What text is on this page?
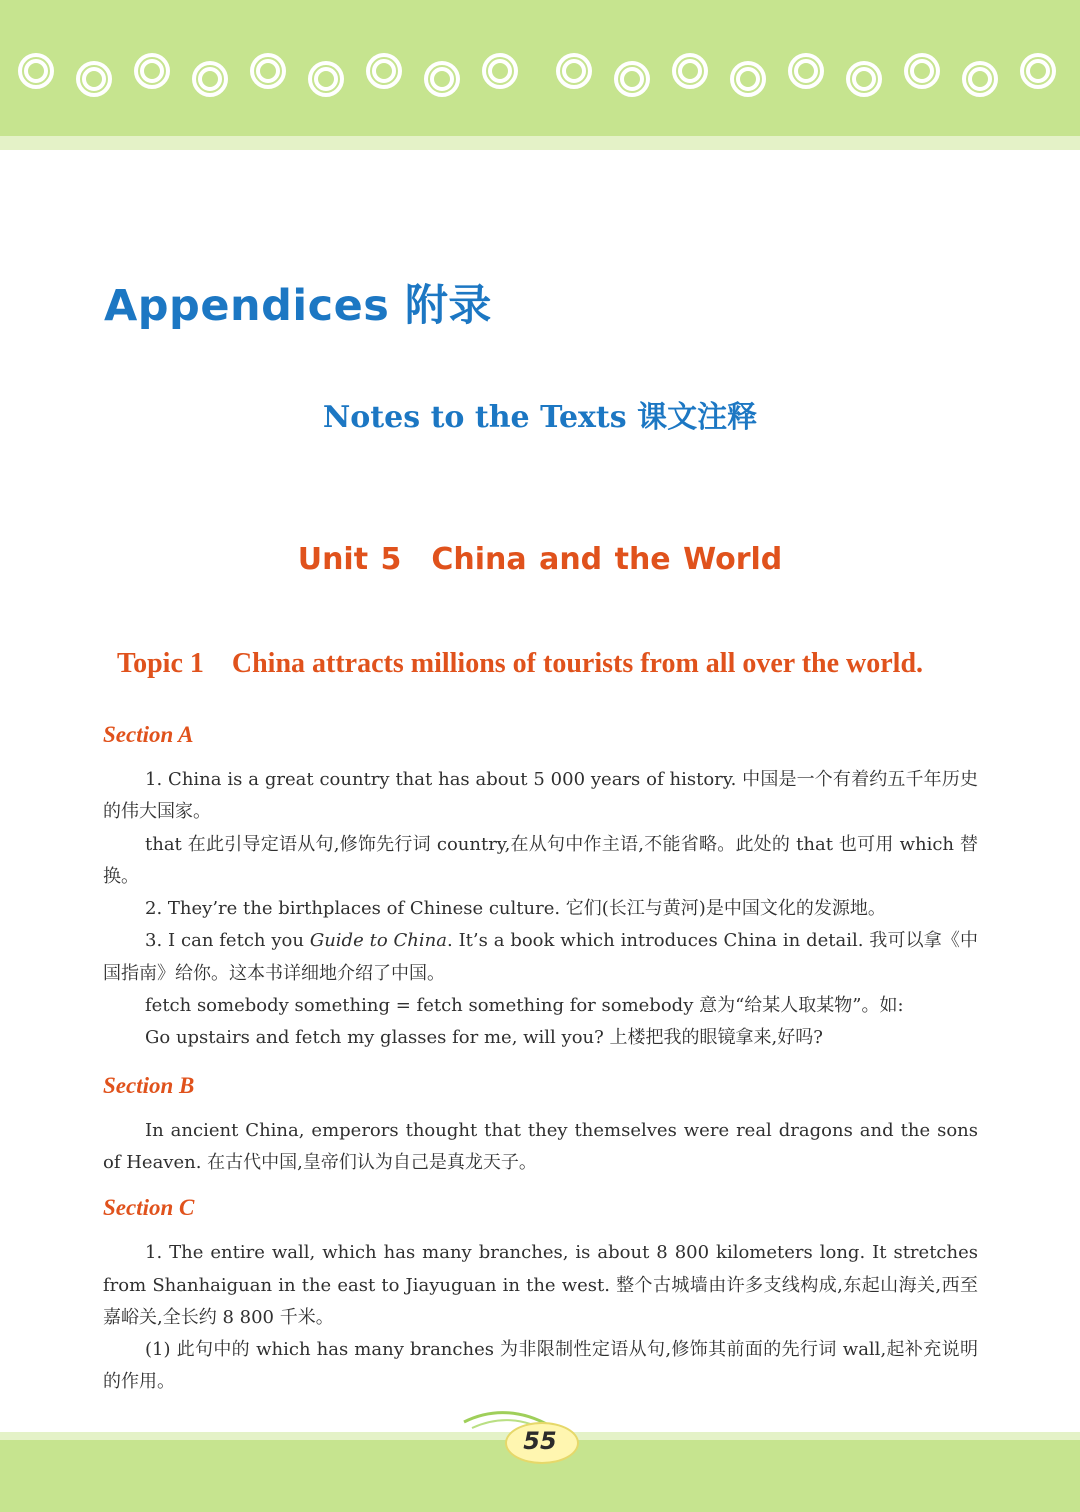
Appendices 附录
Notes to the Texts 课文注释
Unit 5　China and the World
Topic 1 China attracts millions of tourists from all over the world.
Section A

1. China is a great country that has about 5 000 years of history. 中国是一个有着约五千年历史的伟大国家。

that 在此引导定语从句,修饰先行词 country,在从句中作主语,不能省略。此处的 that 也可用 which 替换。

2. They’re the birthplaces of Chinese culture. 它们(长江与黄河)是中国文化的发源地。

3. I can fetch you Guide to China. It’s a book which introduces China in detail. 我可以拿《中国指南》给你。这本书详细地介绍了中国。

fetch somebody something = fetch something for somebody 意为“给某人取某物”。如:

Go upstairs and fetch my glasses for me, will you? 上楼把我的眼镜拿来,好吗?

Section B

In ancient China, emperors thought that they themselves were real dragons and the sons of Heaven. 在古代中国,皇帝们认为自己是真龙天子。

Section C

1. The entire wall, which has many branches, is about 8 800 kilometers long. It stretches from Shanhaiguan in the east to Jiayuguan in the west. 整个古城墙由许多支线构成,东起山海关,西至嘉峪关,全长约 8 800 千米。

(1) 此句中的 which has many branches 为非限制性定语从句,修饰其前面的先行词 wall,起补充说明的作用。

55
